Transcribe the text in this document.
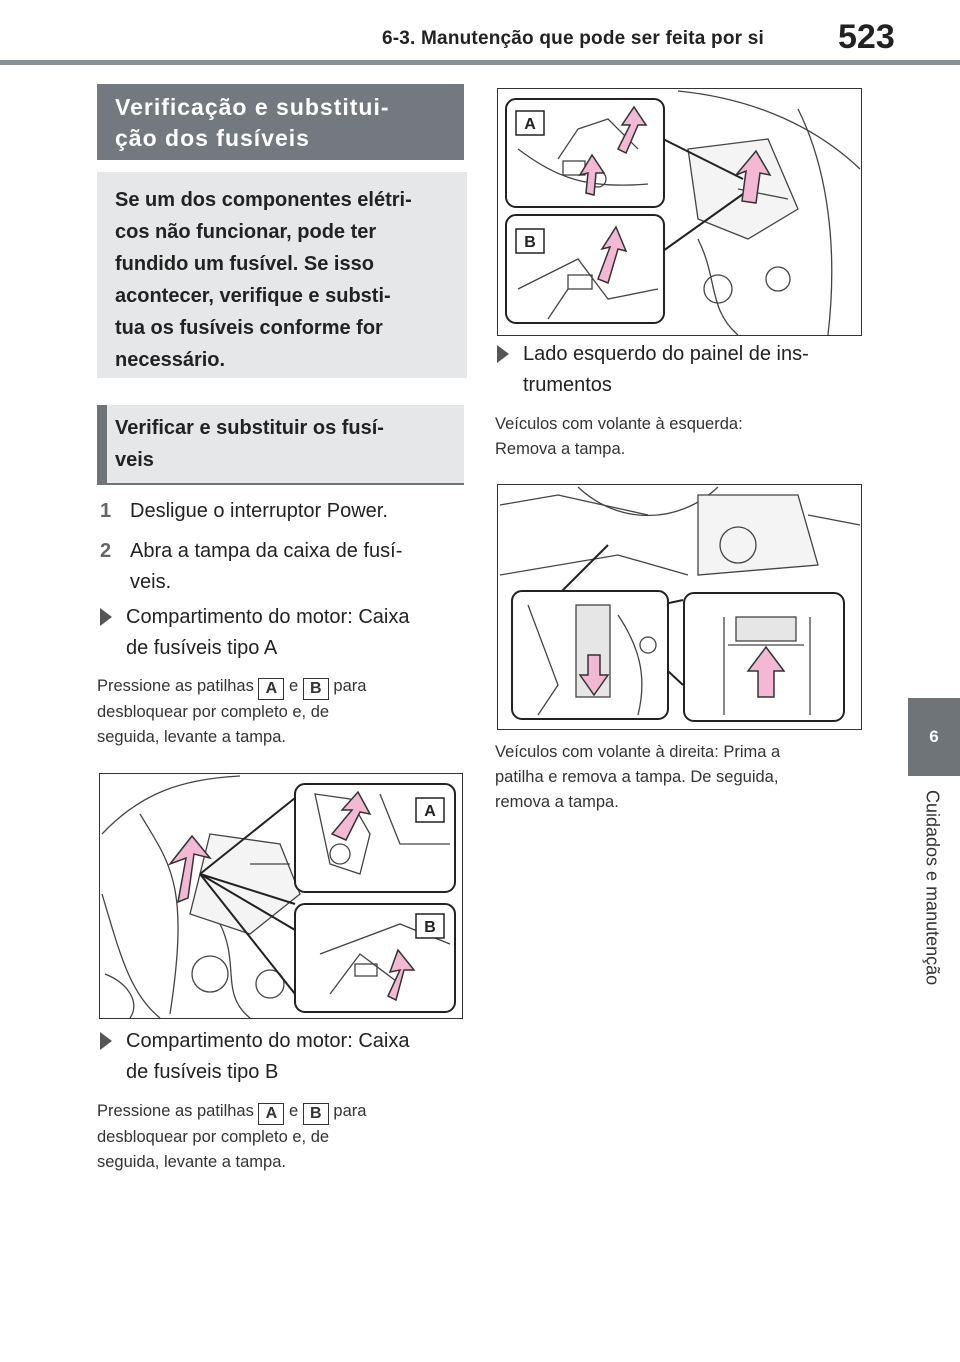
6-3. Manutenção que pode ser feita por si 523
6
Cuidados e manutenção
Verificação e substitui-
ção dos fusíveis
Se um dos componentes elétri-
cos não funcionar, pode ter
fundido um fusível. Se isso
acontecer, verifique e substi-
tua os fusíveis conforme for
necessário.
Verificar e substituir os fusí-
veis
1 Desligue o interruptor Power.
2 Abra a tampa da caixa de fusí-
veis.
Compartimento do motor: Caixa
de fusíveis tipo A
Pressione as patilhas A e B para
desbloquear por completo e, de
seguida, levante a tampa.
A
B
Compartimento do motor: Caixa
de fusíveis tipo B
Pressione as patilhas A e B para
desbloquear por completo e, de
seguida, levante a tampa.
A
B
Lado esquerdo do painel de ins-
trumentos
Veículos com volante à esquerda:
Remova a tampa.
Veículos com volante à direita: Prima a
patilha e remova a tampa. De seguida,
remova a tampa.
